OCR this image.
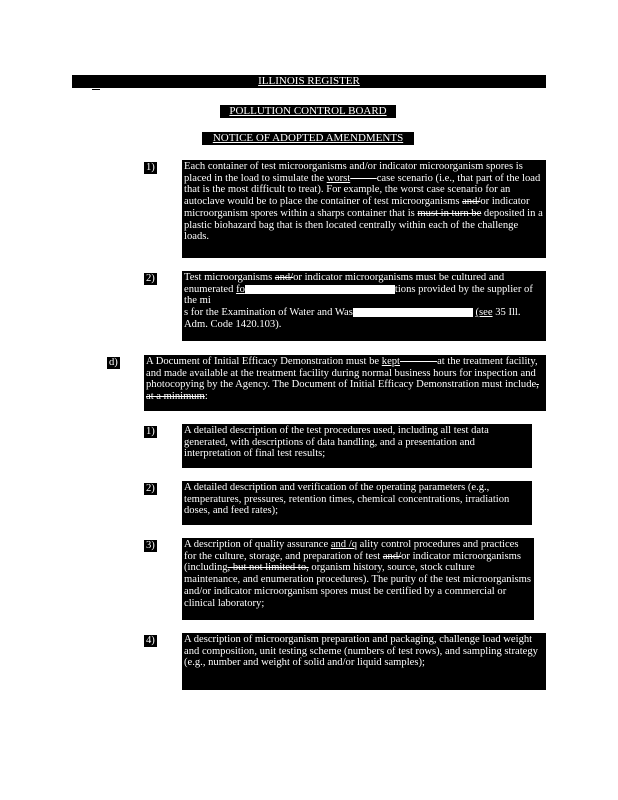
ILLINOIS REGISTER
POLLUTION CONTROL BOARD
NOTICE OF ADOPTED AMENDMENTS
1)	Each container of test microorganisms and/or indicator microorganism spores is placed in the load to simulate the worst —— case scenario (i.e., that part of the load that is the most difficult to treat). For example, the worst case scenario for an autoclave would be to place the container of test microorganisms and/or indicator microorganism spores within a sharps container that is must in turn be deposited in a plastic biohazard bag that is then located centrally within each of the challenge loads.
2)	Test microorganisms and/or indicator microorganisms must be cultured and enumerated fo	tions provided by the supplier of the mi
s for the Examination of Water and Was	(see 35 Ill. Adm. Code 1420.103).
d)	A Document of Initial Efficacy Demonstration must be kept ——— at the treatment facility, and made available at the treatment facility during normal business hours for inspection and photocopying by the Agency. The Document of Initial Efficacy Demonstration must include, at a minimum:
1)	A detailed description of the test procedures used, including all test data generated, with descriptions of data handling, and a presentation and interpretation of final test results;
2)	A detailed description and verification of the operating parameters (e.g., temperatures, pressures, retention times, chemical concentrations, irradiation doses, and feed rates);
3)	A description of quality assurance and /q ality control procedures and practices for the culture, storage, and preparation of test and/or indicator microorganisms (including, but not limited to, organism history, source, stock culture maintenance, and enumeration procedures). The purity of the test microorganisms and/or indicator microorganism spores must be certified by a commercial or clinical laboratory;
4)	A description of microorganism preparation and packaging, challenge load weight and composition, unit testing scheme (numbers of test rows), and sampling strategy (e.g., number and weight of solid and/or liquid samples);
